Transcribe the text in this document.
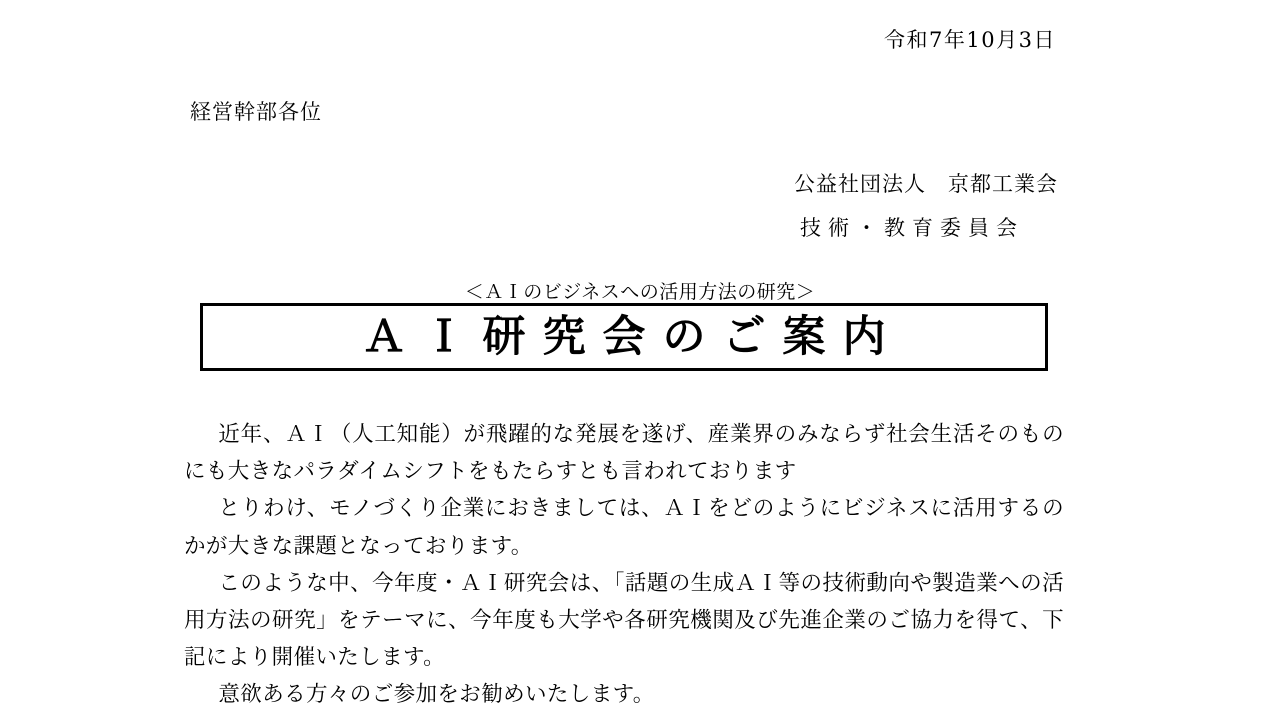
令和7年10月3日
経営幹部各位
公益社団法人　京都工業会
技術・教育委員会
＜ＡＩのビジネスへの活用方法の研究＞
ＡＩ研究会のご案内

近年、ＡＩ（人工知能）が飛躍的な発展を遂げ、産業界のみならず社会生活そのものにも大きなパラダイムシフトをもたらすとも言われております

とりわけ、モノづくり企業におきましては、ＡＩをどのようにビジネスに活用するのかが大きな課題となっております。

このような中、今年度・ＡＩ研究会は、「話題の生成ＡＩ等の技術動向や製造業への活用方法の研究」をテーマに、今年度も大学や各研究機関及び先進企業のご協力を得て、下記により開催いたします。

意欲ある方々のご参加をお勧めいたします。
